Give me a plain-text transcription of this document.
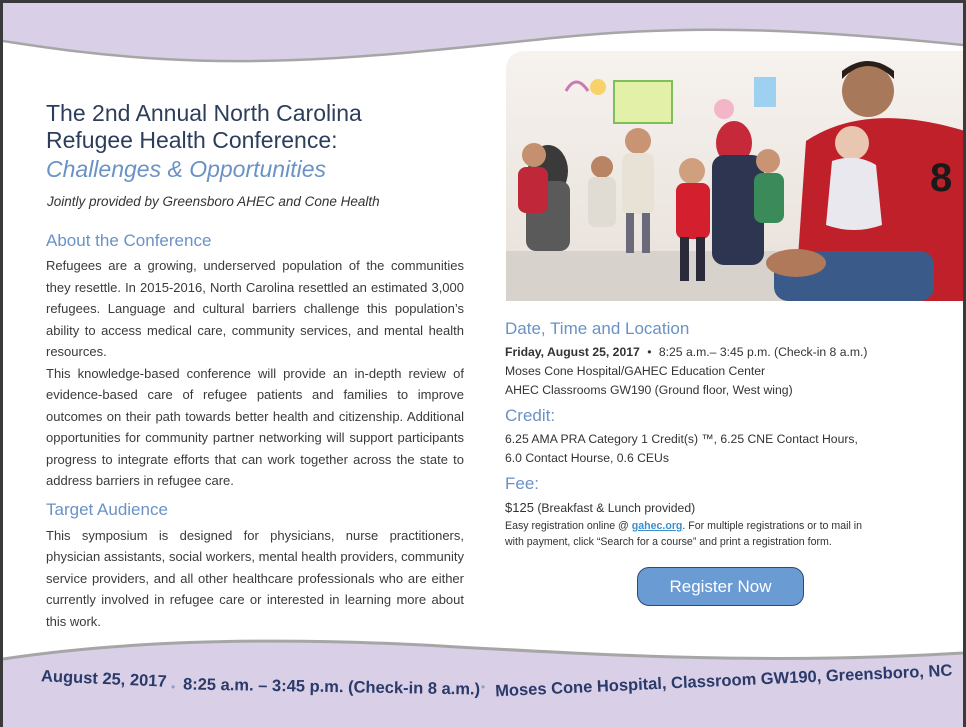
The 2nd Annual North Carolina
Refugee Health Conference:
Challenges & Opportunities
Jointly provided by Greensboro AHEC and Cone Health
About the Conference

Refugees are a growing, underserved population of the communities they resettle. In 2015-2016, North Carolina resettled an estimated 3,000 refugees. Language and cultural barriers challenge this population’s ability to access medical care, community services, and mental health resources.

This knowledge-based conference will provide an in-depth review of evidence-based care of refugee patients and families to improve outcomes on their path towards better health and citizenship. Additional opportunities for community partner networking will support participants progress to integrate efforts that can work together across the state to address barriers in refugee care.

Target Audience

This symposium is designed for physicians, nurse practitioners, physician assistants, social workers, mental health providers, community service providers, and all other healthcare professionals who are either currently involved in refugee care or interested in learning more about this work.

8
Date, Time and Location
Friday, August 25, 2017 • 8:25 a.m.– 3:45 p.m. (Check-in 8 a.m.)
Moses Cone Hospital/GAHEC Education Center
AHEC Classrooms GW190 (Ground floor, West wing)
Credit:
6.25 AMA PRA Category 1 Credit(s) ™, 6.25 CNE Contact Hours,
6.0 Contact Hourse, 0.6 CEUs
Fee:
$125 (Breakfast & Lunch provided)
Easy registration online @ gahec.org. For multiple registrations or to mail in
with payment, click “Search for a course” and print a registration form.
Register Now
August 25, 2017 • 8:25 a.m. – 3:45 p.m. (Check-in 8 a.m.) • Moses Cone Hospital, Classroom GW190, Greensboro, NC
